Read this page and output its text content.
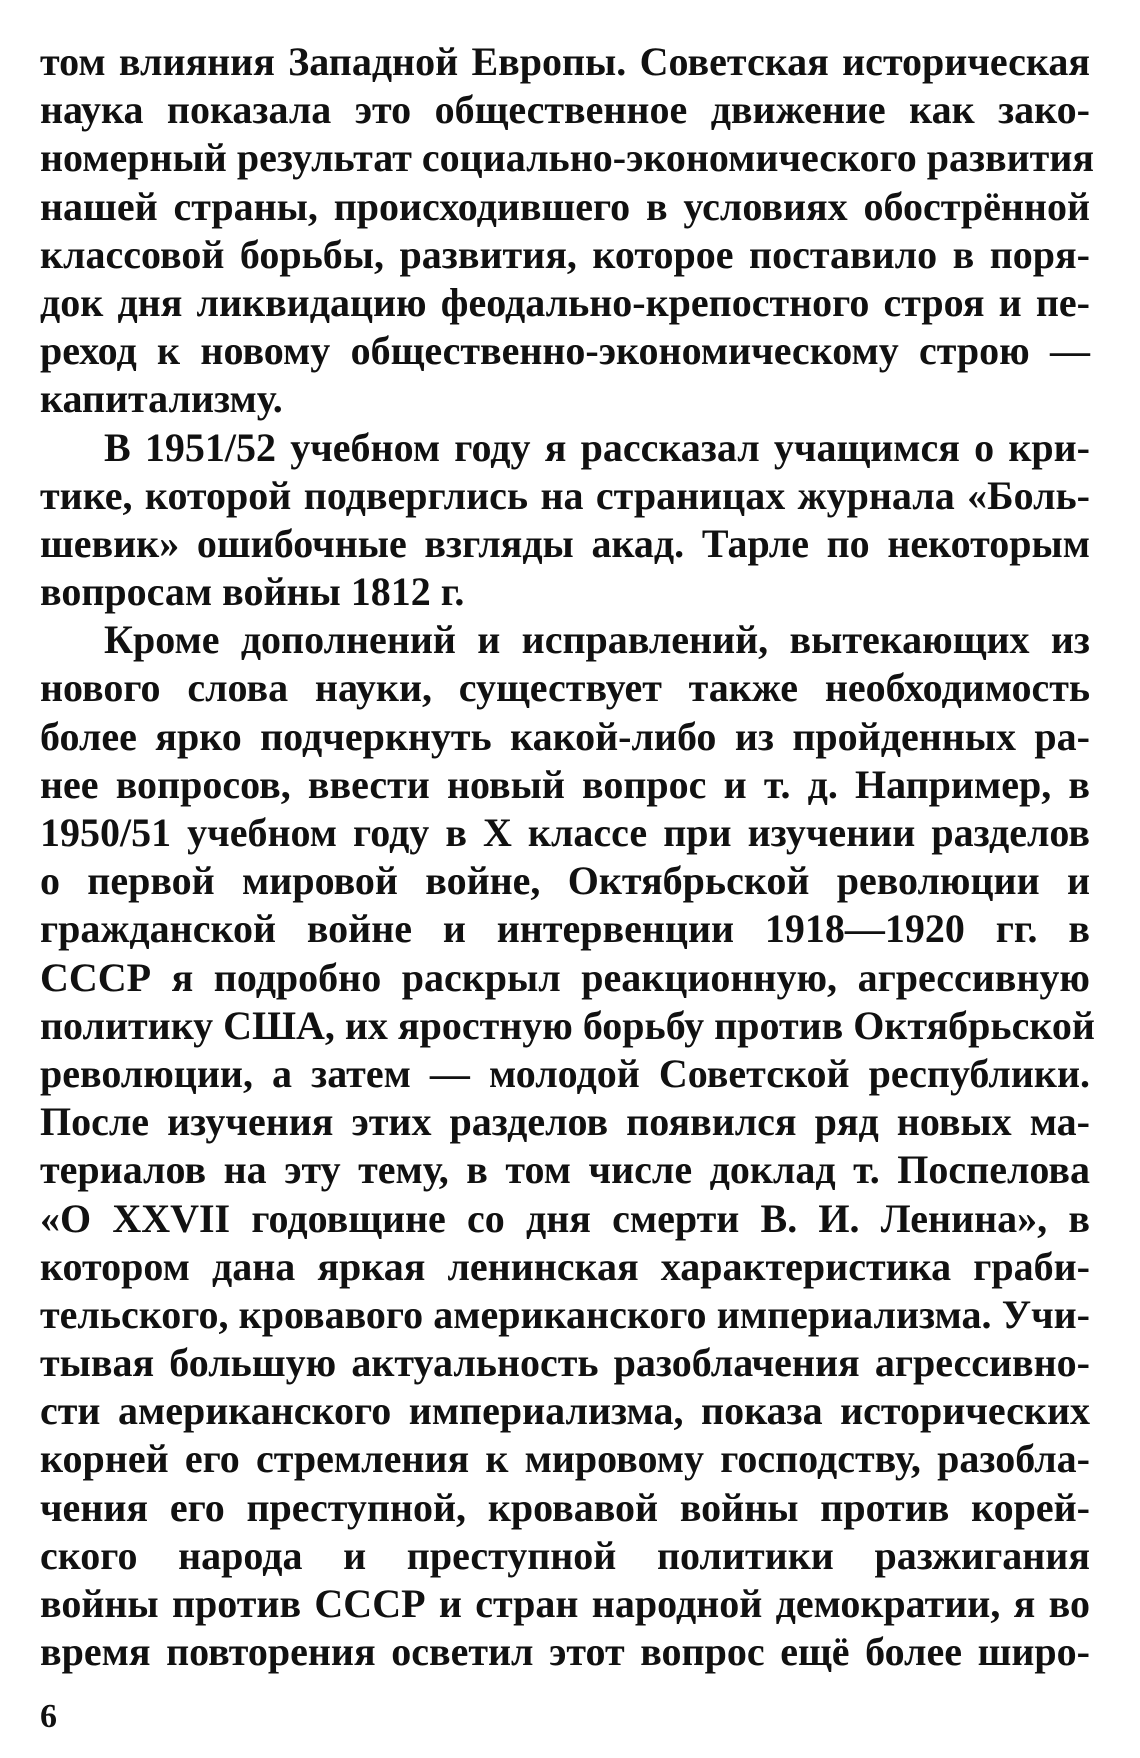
том влияния Западной Европы. Советская историческая
наука показала это общественное движение как зако-
номерный результат социально-экономического развития
нашей страны, происходившего в условиях обострённой
классовой борьбы, развития, которое поставило в поря-
док дня ликвидацию феодально-крепостного строя и пе-
реход к новому общественно-экономическому строю —
капитализму.
В 1951/52 учебном году я рассказал учащимся о кри-
тике, которой подверглись на страницах журнала «Боль-
шевик» ошибочные взгляды акад. Тарле по некоторым
вопросам войны 1812 г.
Кроме дополнений и исправлений, вытекающих из
нового слова науки, существует также необходимость
более ярко подчеркнуть какой-либо из пройденных ра-
нее вопросов, ввести новый вопрос и т. д. Например, в
1950/51 учебном году в X классе при изучении разделов
о первой мировой войне, Октябрьской революции и
гражданской войне и интервенции 1918—1920 гг. в
СССР я подробно раскрыл реакционную, агрессивную
политику США, их яростную борьбу против Октябрьской
революции, а затем — молодой Советской республики.
После изучения этих разделов появился ряд новых ма-
териалов на эту тему, в том числе доклад т. Поспелова
«О XXVII годовщине со дня смерти В. И. Ленина», в
котором дана яркая ленинская характеристика граби-
тельского, кровавого американского империализма. Учи-
тывая большую актуальность разоблачения агрессивно-
сти американского империализма, показа исторических
корней его стремления к мировому господству, разобла-
чения его преступной, кровавой войны против корей-
ского народа и преступной политики разжигания
войны против СССР и стран народной демократии, я во
время повторения осветил этот вопрос ещё более широ-
6
